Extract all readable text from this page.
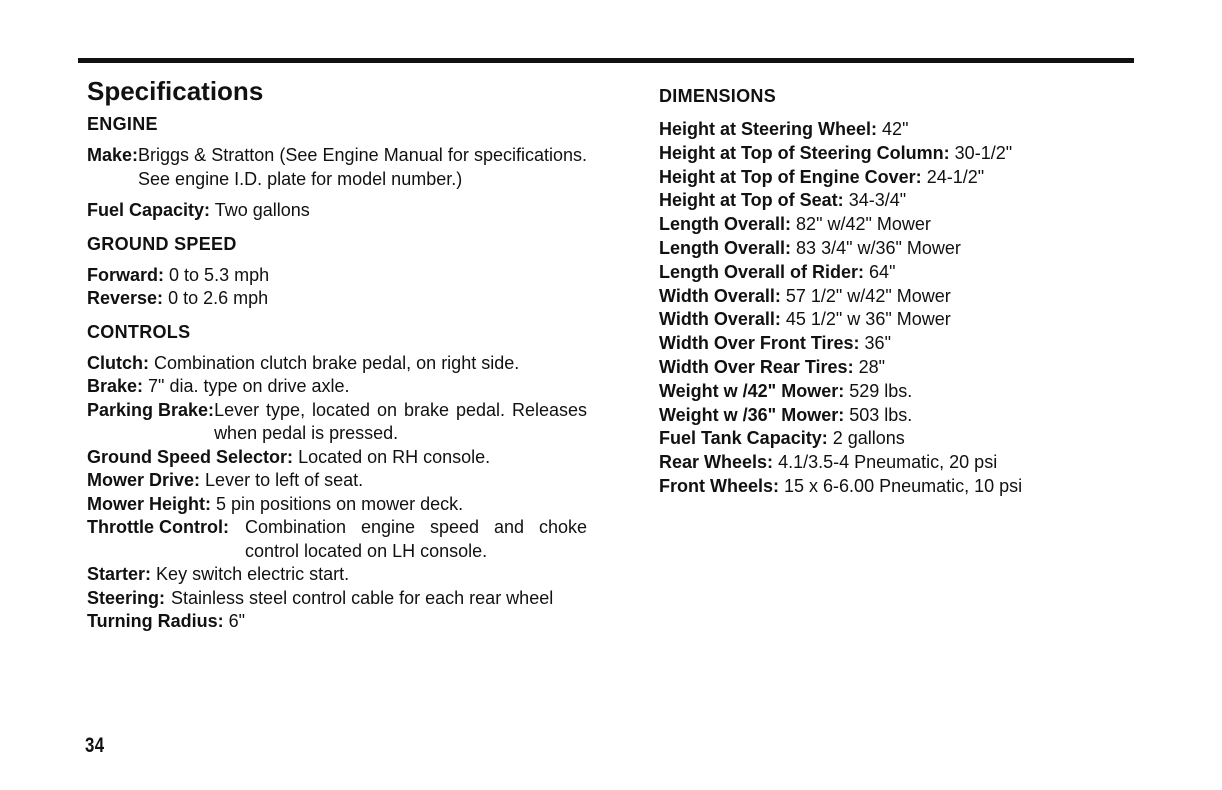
Specifications
ENGINE
Make: Briggs & Stratton (See Engine Manual for specifications. See engine I.D. plate for model number.)

Fuel Capacity: Two gallons

GROUND SPEED

Forward: 0 to 5.3 mph

Reverse: 0 to 2.6 mph

CONTROLS

Clutch: Combination clutch brake pedal, on right side.

Brake: 7" dia. type on drive axle.

Parking Brake: Lever type, located on brake pedal. Releases when pedal is pressed.

Ground Speed Selector: Located on RH console.

Mower Drive: Lever to left of seat.

Mower Height: 5 pin positions on mower deck.

Throttle Control: Combination engine speed and choke control located on LH console.

Starter: Key switch electric start.

Steering: Stainless steel control cable for each rear wheel

Turning Radius: 6"

DIMENSIONS

Height at Steering Wheel: 42"

Height at Top of Steering Column: 30-1/2"

Height at Top of Engine Cover: 24-1/2"

Height at Top of Seat: 34-3/4"

Length Overall: 82" w/42" Mower

Length Overall: 83 3/4" w/36" Mower

Length Overall of Rider: 64"

Width Overall: 57 1/2" w/42" Mower

Width Overall: 45 1/2" w 36" Mower

Width Over Front Tires: 36"

Width Over Rear Tires: 28"

Weight w /42" Mower: 529 lbs.

Weight w /36" Mower: 503 lbs.

Fuel Tank Capacity: 2 gallons

Rear Wheels: 4.1/3.5-4 Pneumatic, 20 psi

Front Wheels: 15 x 6-6.00 Pneumatic, 10 psi

34
